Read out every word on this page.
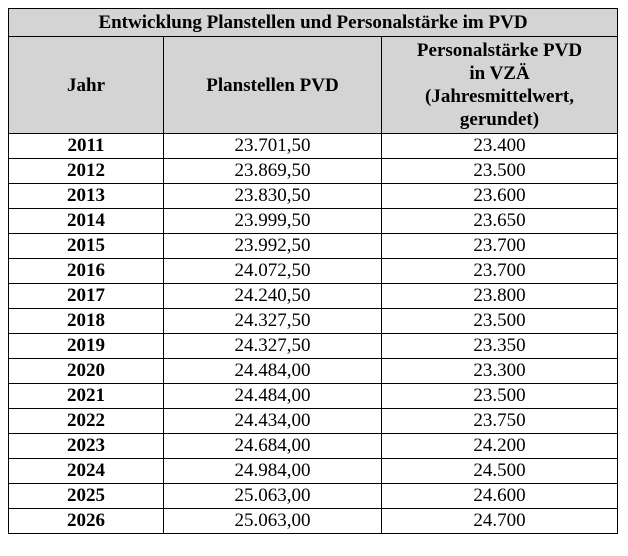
Entwicklung Planstellen und Personalstärke im PVD		
Jahr	Planstellen PVD	Personalstärke PVD
in VZÄ
(Jahresmittelwert,
gerundet)
2011	23.701,50	23.400
2012	23.869,50	23.500
2013	23.830,50	23.600
2014	23.999,50	23.650
2015	23.992,50	23.700
2016	24.072,50	23.700
2017	24.240,50	23.800
2018	24.327,50	23.500
2019	24.327,50	23.350
2020	24.484,00	23.300
2021	24.484,00	23.500
2022	24.434,00	23.750
2023	24.684,00	24.200
2024	24.984,00	24.500
2025	25.063,00	24.600
2026	25.063,00	24.700
